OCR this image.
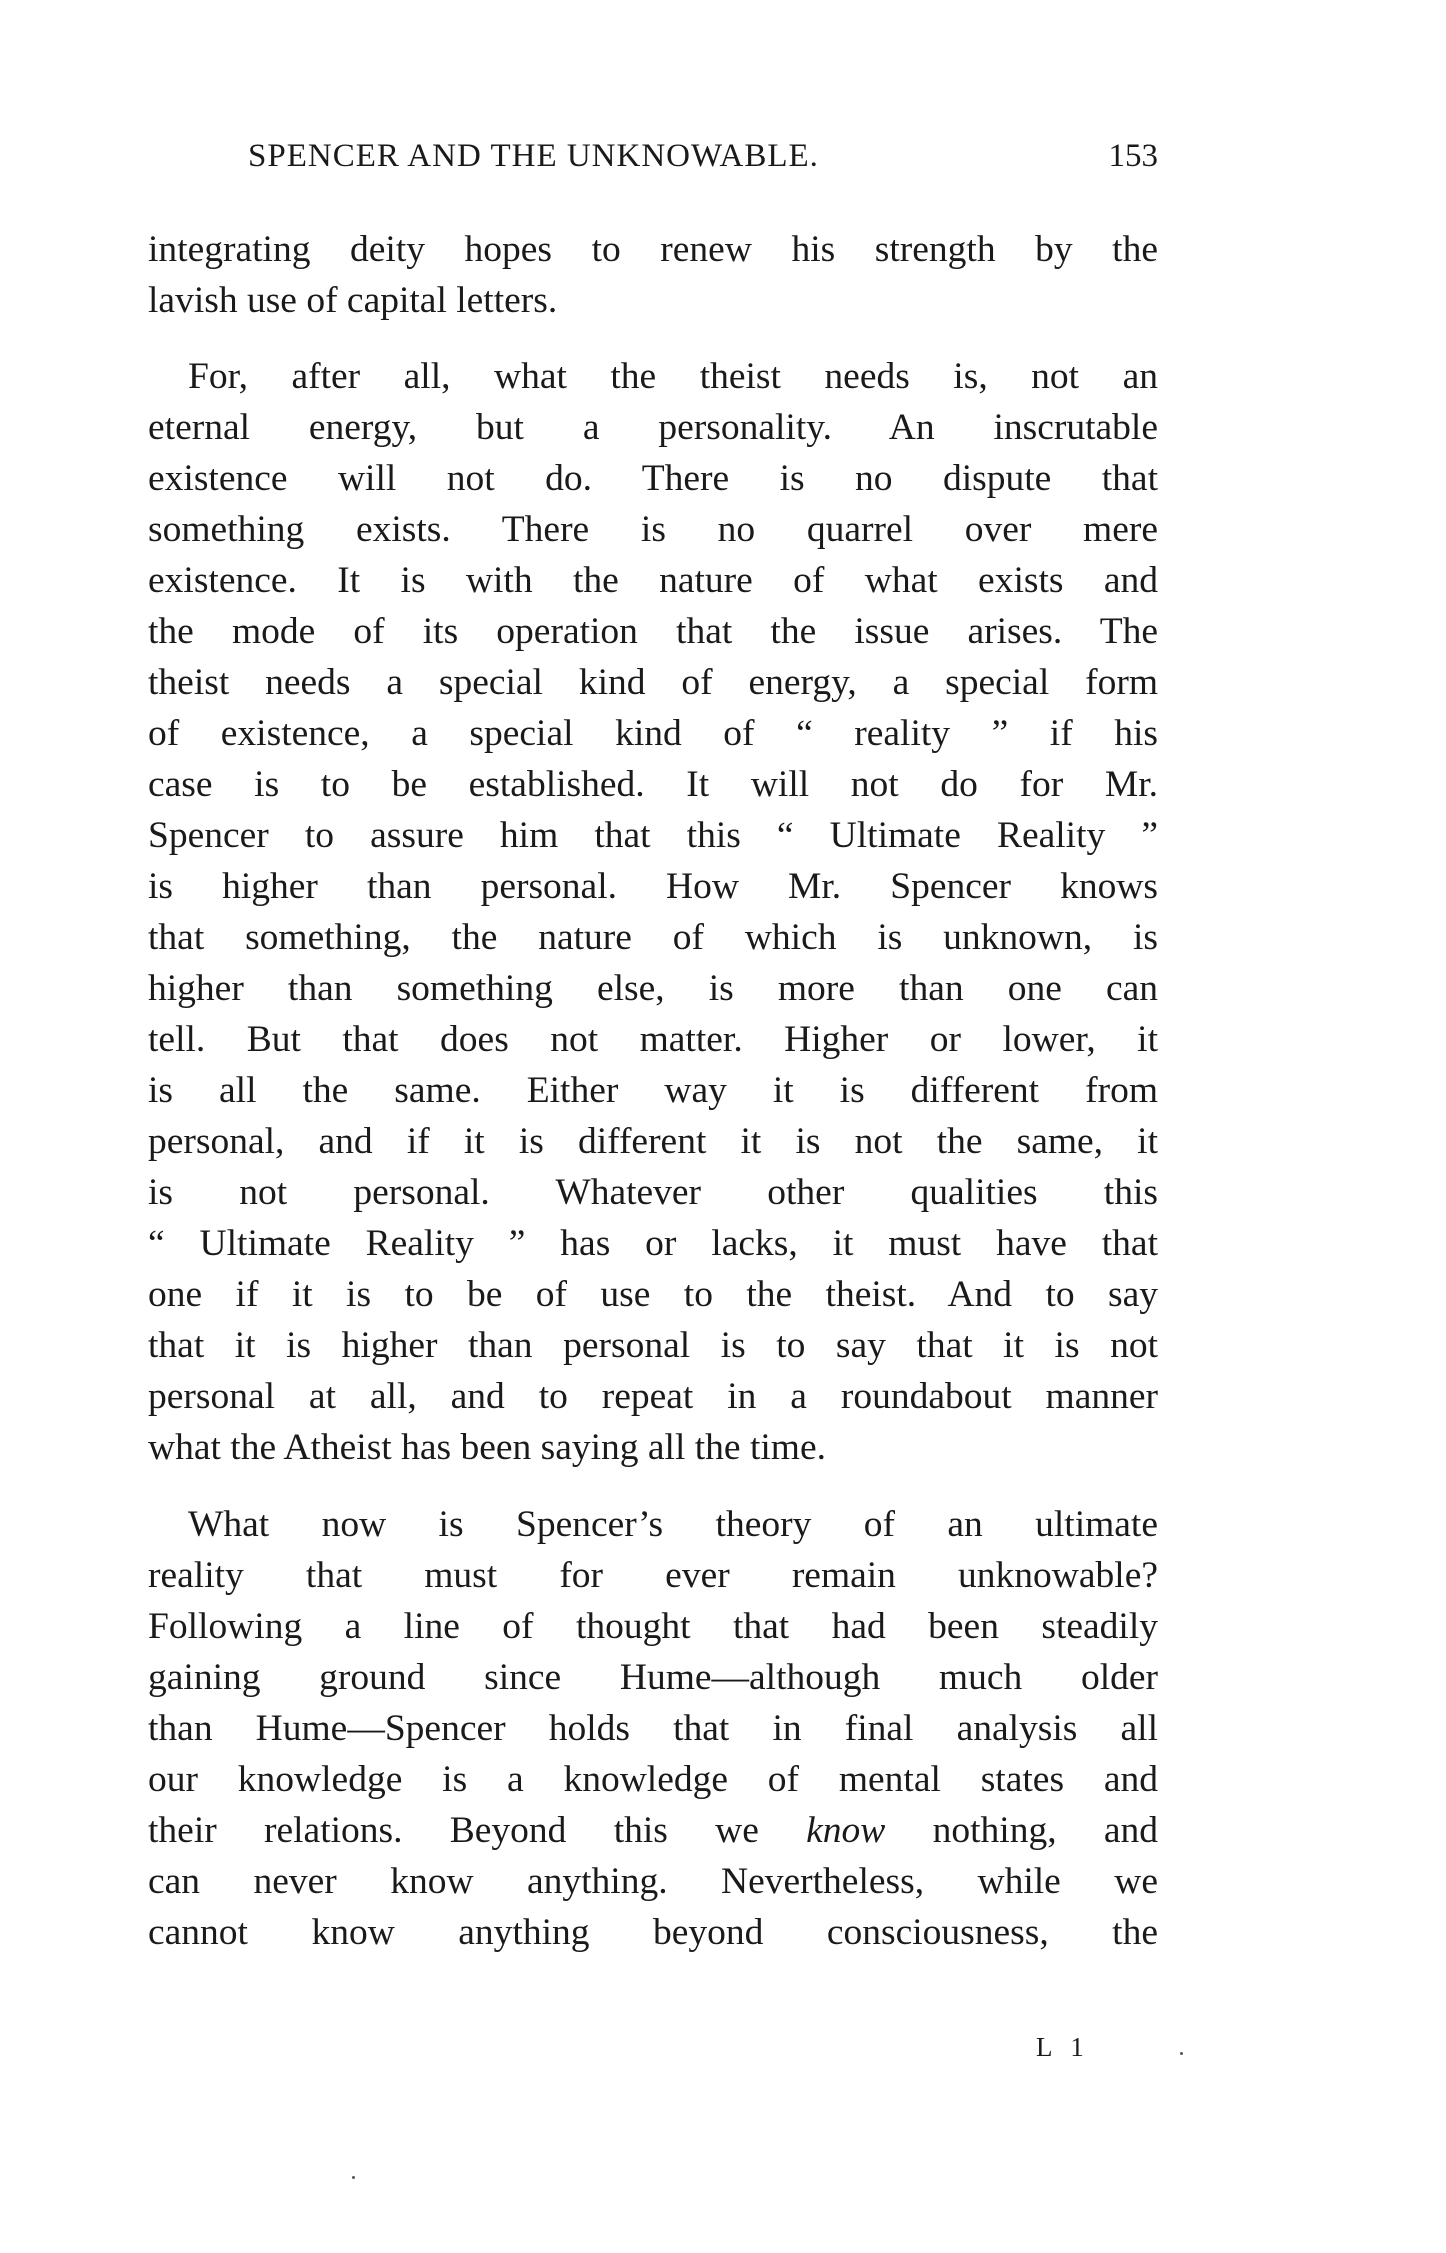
SPENCER AND THE UNKNOWABLE.	153

integrating deity hopes to renew his strength by the
lavish use of capital letters.

For, after all, what the theist needs is, not an
eternal energy, but a personality. An inscrutable
existence will not do. There is no dispute that
something exists. There is no quarrel over mere
existence. It is with the nature of what exists and
the mode of its operation that the issue arises. The
theist needs a special kind of energy, a special form
of existence, a special kind of “ reality ” if his
case is to be established. It will not do for Mr.
Spencer to assure him that this “ Ultimate Reality ”
is higher than personal. How Mr. Spencer knows
that something, the nature of which is unknown, is
higher than something else, is more than one can
tell. But that does not matter. Higher or lower, it
is all the same. Either way it is different from
personal, and if it is different it is not the same, it
is not personal. Whatever other qualities this
“ Ultimate Reality ” has or lacks, it must have that
one if it is to be of use to the theist. And to say
that it is higher than personal is to say that it is not
personal at all, and to repeat in a roundabout manner
what the Atheist has been saying all the time.

What now is Spencer’s theory of an ultimate
reality that must for ever remain unknowable?
Following a line of thought that had been steadily
gaining ground since Hume—although much older
than Hume—Spencer holds that in final analysis all
our knowledge is a knowledge of mental states and
their relations. Beyond this we know nothing, and
can never know anything. Nevertheless, while we
cannot know anything beyond consciousness, the

L 1
